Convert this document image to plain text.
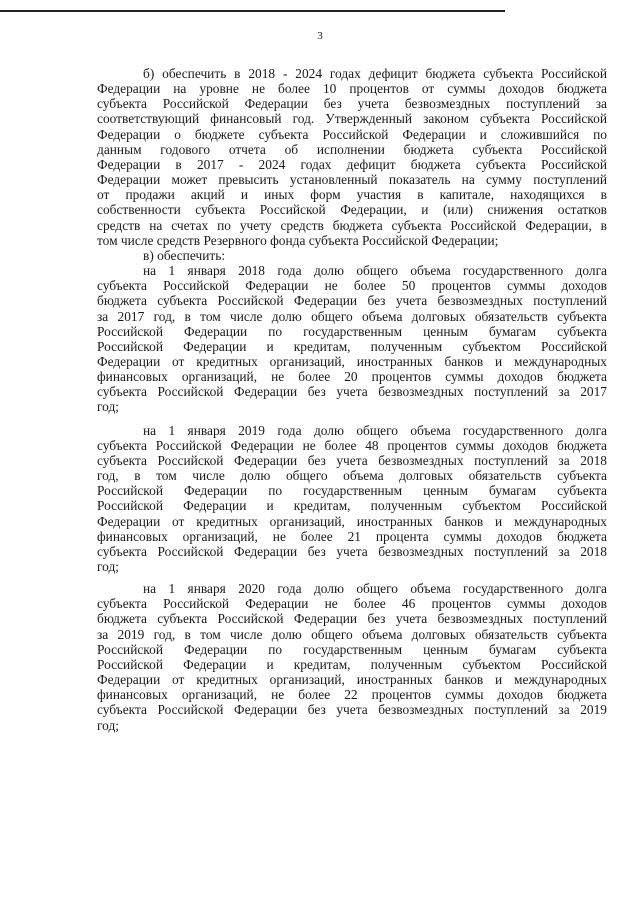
3
б) обеспечить в 2018 - 2024 годах дефицит бюджета субъекта Российской
Федерации на уровне не более 10 процентов от суммы доходов бюджета
субъекта Российской Федерации без учета безвозмездных поступлений за
соответствующий финансовый год. Утвержденный законом субъекта Российской
Федерации о бюджете субъекта Российской Федерации и сложившийся по
данным годового отчета об исполнении бюджета субъекта Российской
Федерации в 2017 - 2024 годах дефицит бюджета субъекта Российской
Федерации может превысить установленный показатель на сумму поступлений
от продажи акций и иных форм участия в капитале, находящихся в
собственности субъекта Российской Федерации, и (или) снижения остатков
средств на счетах по учету средств бюджета субъекта Российской Федерации, в
том числе средств Резервного фонда субъекта Российской Федерации;
в) обеспечить:
на 1 января 2018 года долю общего объема государственного долга
субъекта Российской Федерации не более 50 процентов суммы доходов
бюджета субъекта Российской Федерации без учета безвозмездных поступлений
за 2017 год, в том числе долю общего объема долговых обязательств субъекта
Российской Федерации по государственным ценным бумагам субъекта
Российской Федерации и кредитам, полученным субъектом Российской
Федерации от кредитных организаций, иностранных банков и международных
финансовых организаций, не более 20 процентов суммы доходов бюджета
субъекта Российской Федерации без учета безвозмездных поступлений за 2017
год;
на 1 января 2019 года долю общего объема государственного долга
субъекта Российской Федерации не более 48 процентов суммы доходов бюджета
субъекта Российской Федерации без учета безвозмездных поступлений за 2018
год, в том числе долю общего объема долговых обязательств субъекта
Российской Федерации по государственным ценным бумагам субъекта
Российской Федерации и кредитам, полученным субъектом Российской
Федерации от кредитных организаций, иностранных банков и международных
финансовых организаций, не более 21 процента суммы доходов бюджета
субъекта Российской Федерации без учета безвозмездных поступлений за 2018
год;
на 1 января 2020 года долю общего объема государственного долга
субъекта Российской Федерации не более 46 процентов суммы доходов
бюджета субъекта Российской Федерации без учета безвозмездных поступлений
за 2019 год, в том числе долю общего объема долговых обязательств субъекта
Российской Федерации по государственным ценным бумагам субъекта
Российской Федерации и кредитам, полученным субъектом Российской
Федерации от кредитных организаций, иностранных банков и международных
финансовых организаций, не более 22 процентов суммы доходов бюджета
субъекта Российской Федерации без учета безвозмездных поступлений за 2019
год;
